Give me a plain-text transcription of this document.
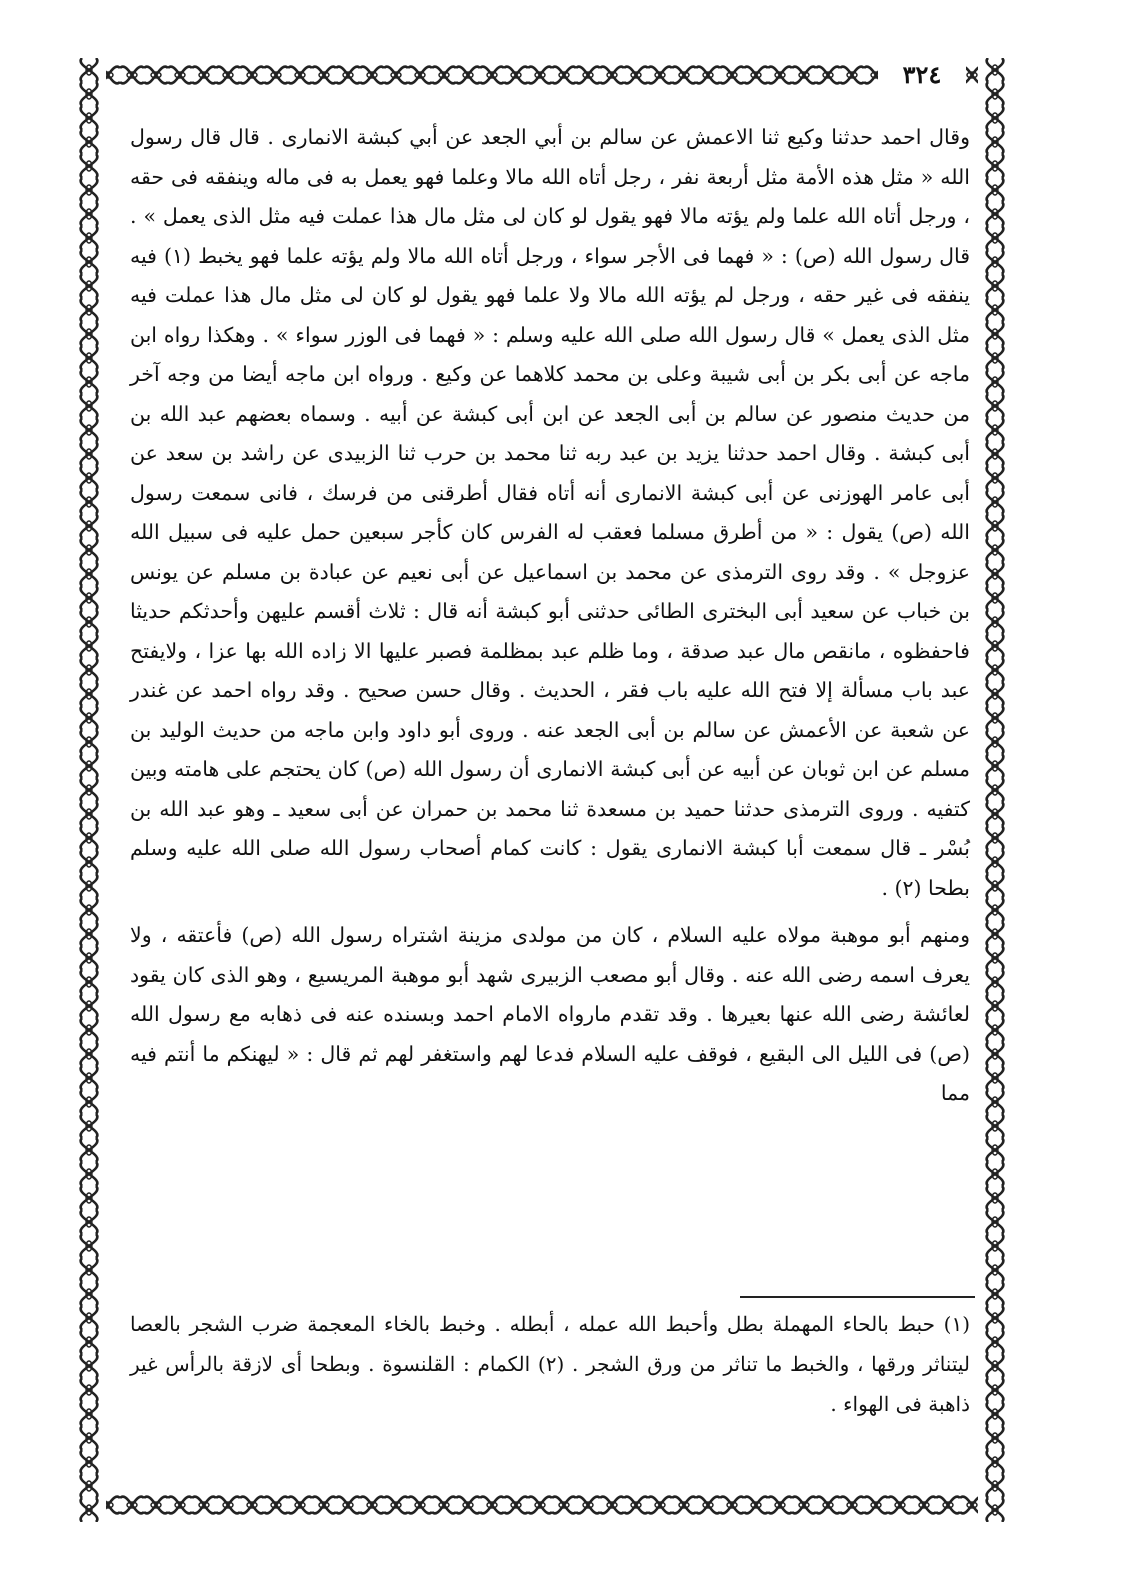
٣٢٤

وقال احمد حدثنا وكيع ثنا الاعمش عن سالم بن أبي الجعد عن أبي كبشة الانمارى . قال قال رسول الله « مثل هذه الأمة مثل أربعة نفر ، رجل أتاه الله مالا وعلما فهو يعمل به فى ماله وينفقه فى حقه ، ورجل أتاه الله علما ولم يؤته مالا فهو يقول لو كان لى مثل مال هذا عملت فيه مثل الذى يعمل » . قال رسول الله (ص) : « فهما فى الأجر سواء ، ورجل أتاه الله مالا ولم يؤته علما فهو يخبط (١) فيه ينفقه فى غير حقه ، ورجل لم يؤته الله مالا ولا علما فهو يقول لو كان لى مثل مال هذا عملت فيه مثل الذى يعمل » قال رسول الله صلى الله عليه وسلم : « فهما فى الوزر سواء » . وهكذا رواه ابن ماجه عن أبى بكر بن أبى شيبة وعلى بن محمد كلاهما عن وكيع . ورواه ابن ماجه أيضا من وجه آخر من حديث منصور عن سالم بن أبى الجعد عن ابن أبى كبشة عن أبيه . وسماه بعضهم عبد الله بن أبى كبشة . وقال احمد حدثنا يزيد بن عبد ربه ثنا محمد بن حرب ثنا الزبيدى عن راشد بن سعد عن أبى عامر الهوزنى عن أبى كبشة الانمارى أنه أتاه فقال أطرقنى من فرسك ، فانى سمعت رسول الله (ص) يقول : « من أطرق مسلما فعقب له الفرس كان كأجر سبعين حمل عليه فى سبيل الله عزوجل » . وقد روى الترمذى عن محمد بن اسماعيل عن أبى نعيم عن عبادة بن مسلم عن يونس بن خباب عن سعيد أبى البخترى الطائى حدثنى أبو كبشة أنه قال : ثلاث أقسم عليهن وأحدثكم حديثا فاحفظوه ، مانقص مال عبد صدقة ، وما ظلم عبد بمظلمة فصبر عليها الا زاده الله بها عزا ، ولايفتح عبد باب مسألة إلا فتح الله عليه باب فقر ، الحديث . وقال حسن صحيح . وقد رواه احمد عن غندر عن شعبة عن الأعمش عن سالم بن أبى الجعد عنه . وروى أبو داود وابن ماجه من حديث الوليد بن مسلم عن ابن ثوبان عن أبيه عن أبى كبشة الانمارى أن رسول الله (ص) كان يحتجم على هامته وبين كتفيه . وروى الترمذى حدثنا حميد بن مسعدة ثنا محمد بن حمران عن أبى سعيد ـ وهو عبد الله بن بُسْر ـ قال سمعت أبا كبشة الانمارى يقول : كانت كمام أصحاب رسول الله صلى الله عليه وسلم بطحا (٢) .

ومنهم أبو موهبة مولاه عليه السلام ، كان من مولدى مزينة اشتراه رسول الله (ص) فأعتقه ، ولا يعرف اسمه رضى الله عنه . وقال أبو مصعب الزبيرى شهد أبو موهبة المريسيع ، وهو الذى كان يقود لعائشة رضى الله عنها بعيرها . وقد تقدم مارواه الامام احمد وبسنده عنه فى ذهابه مع رسول الله (ص) فى الليل الى البقيع ، فوقف عليه السلام فدعا لهم واستغفر لهم ثم قال : « ليهنكم ما أنتم فيه مما

(١) حبط بالحاء المهملة بطل وأحبط الله عمله ، أبطله . وخبط بالخاء المعجمة ضرب الشجر بالعصا ليتناثر ورقها ، والخبط ما تناثر من ورق الشجر . (٢) الكمام : القلنسوة . وبطحا أى لازقة بالرأس غير ذاهبة فى الهواء .
